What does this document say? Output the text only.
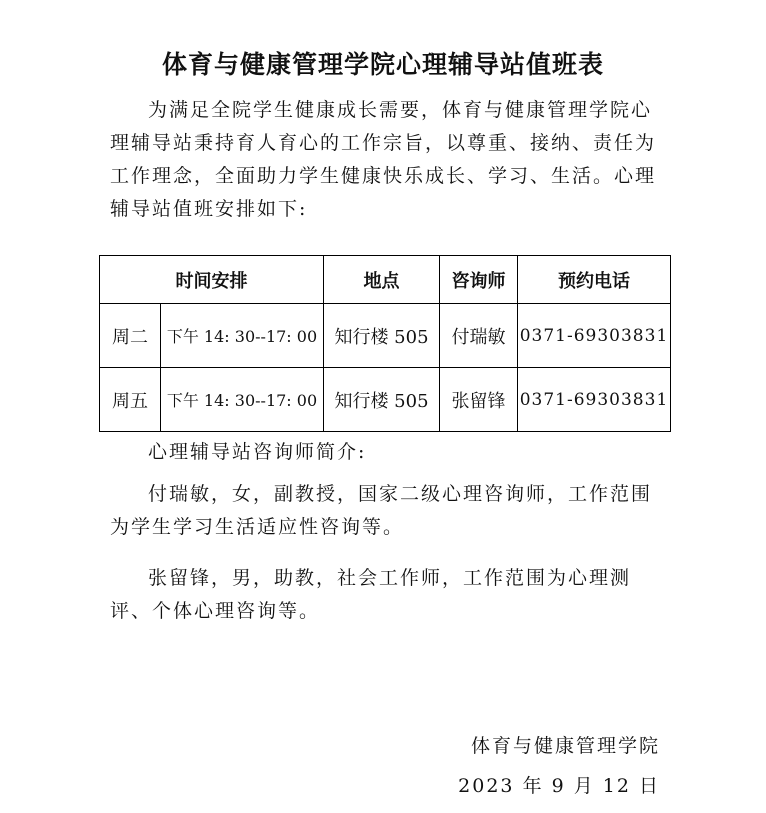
体育与健康管理学院心理辅导站值班表

为满足全院学生健康成长需要，体育与健康管理学院心理辅导站秉持育人育心的工作宗旨，以尊重、接纳、责任为工作理念，全面助力学生健康快乐成长、学习、生活。心理辅导站值班安排如下:

时间安排		地点	咨询师	预约电话
周二	下午 14: 30--17: 00	知行楼 505	付瑞敏	0371-69303831
周五	下午 14: 30--17: 00	知行楼 505	张留锋	0371-69303831

心理辅导站咨询师简介:

付瑞敏，女，副教授，国家二级心理咨询师，工作范围为学生学习生活适应性咨询等。

张留锋，男，助教，社会工作师，工作范围为心理测评、个体心理咨询等。

体育与健康管理学院
2023 年 9 月 12 日
